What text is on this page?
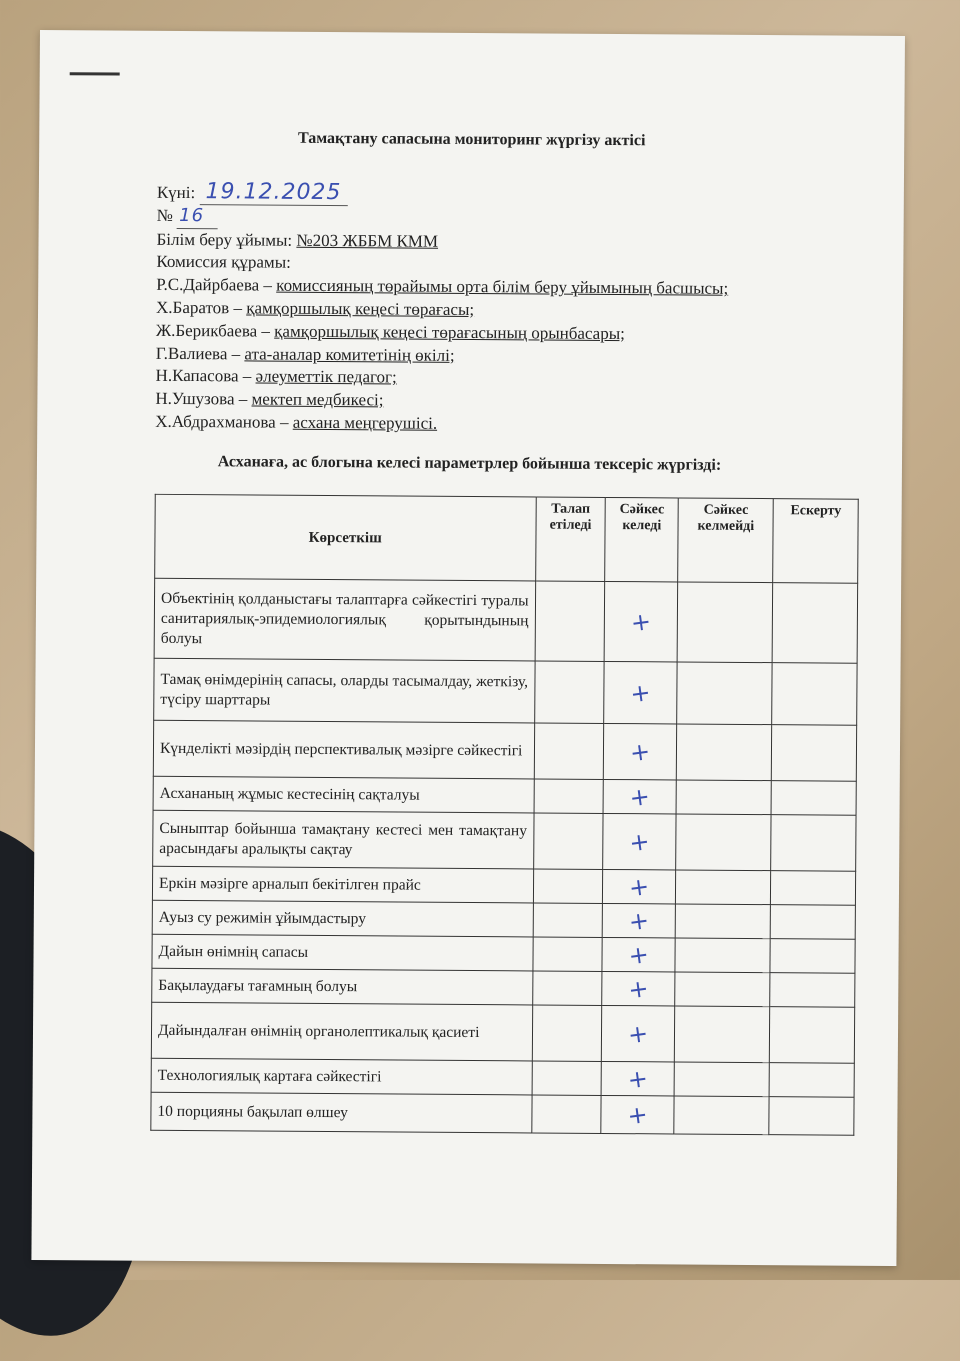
Тамақтану сапасына мониторинг жүргізу актісі
Күні: 19.12.2025
№ 16
Білім беру ұйымы: №203 ЖББМ КММ
Комиссия құрамы:
Р.С.Дайрбаева – комиссияның төрайымы орта білім беру ұйымының басшысы;
Х.Баратов – қамқоршылық кеңесі төрағасы;
Ж.Берикбаева – қамқоршылық кеңесі төрағасының орынбасары;
Г.Валиева – ата-аналар комитетінің өкілі;
Н.Капасова – әлеуметтік педагог;
Н.Ушузова – мектеп медбикесі;
Х.Абдрахманова – асхана меңгерушісі.
Асханаға, ас блогына келесі параметрлер бойынша тексеріс жүргізді:
Көрсеткіш	Талап етіледі	Сәйкес келеді	Сәйкес келмейді	Ескерту
Объектінің қолданыстағы талаптарға сәйкестігі туралы санитариялық-эпидемиологиялық қорытындының болуы		+		
Тамақ өнімдерінің сапасы, оларды тасымалдау, жеткізу, түсіру шарттары		+		
Күнделікті мәзірдің перспективалық мәзірге сәйкестігі		+		
Асхананың жұмыс кестесінің сақталуы		+		
Сыныптар бойынша тамақтану кестесі мен тамақтану арасындағы аралықты сақтау		+		
Еркін мәзірге арналып бекітілген прайс		+		
Ауыз су режимін ұйымдастыру		+		
Дайын өнімнің сапасы		+		
Бақылаудағы тағамның болуы		+		
Дайындалған өнімнің органолептикалық қасиеті		+		
Технологиялық картаға сәйкестігі		+		
10 порцияны бақылап өлшеу		+		
